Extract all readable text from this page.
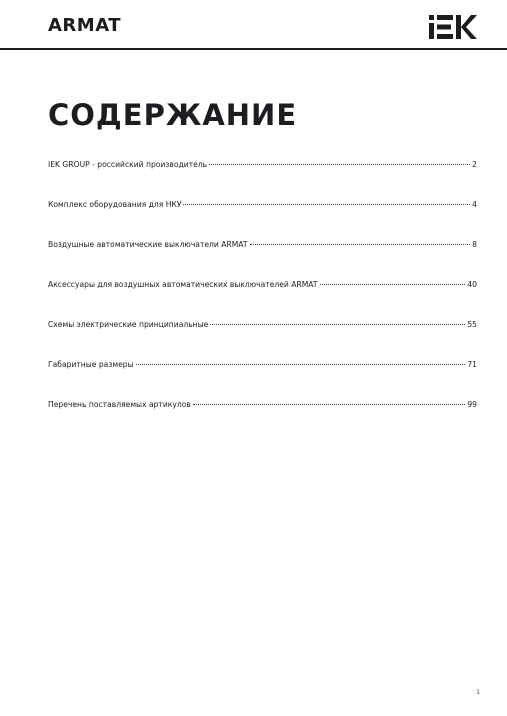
ARMAT
СОДЕРЖАНИЕ
IEK GROUP - российский производитель	2
Комплекс оборудования для НКУ	4
Воздушные автоматические выключатели ARMAT	8
Аксессуары для воздушных автоматических выключателей ARMAT	40
Схемы электрические принципиальные	55
Габаритные размеры	71
Перечень поставляемых артикулов	99
1
